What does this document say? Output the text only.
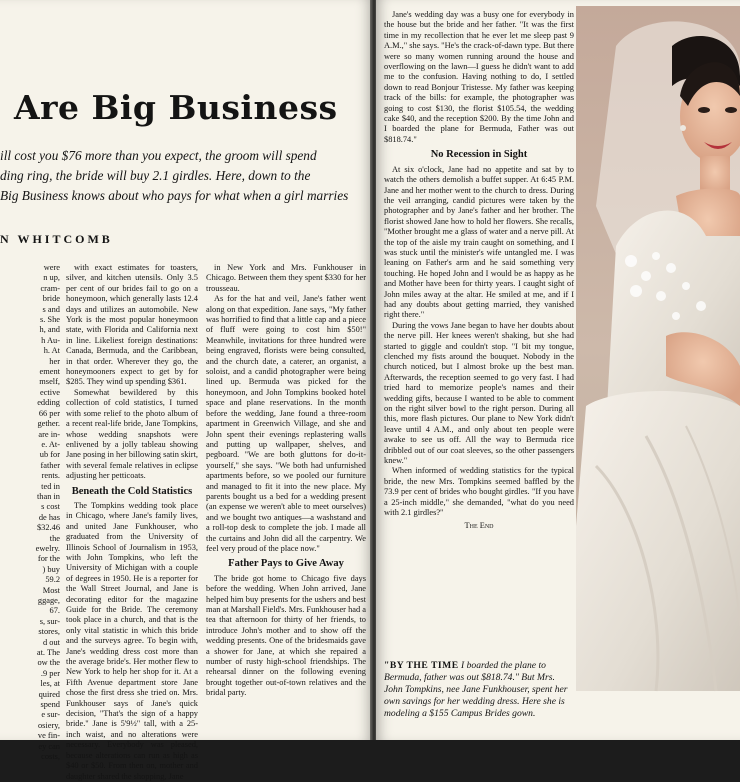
Are Big Business
ill cost you $76 more than you expect, the groom will spend
ding ring, the bride will buy 2.1 girdles. Here, down to the
Big Business knows about who pays for what when a girl marries
N WHITCOMB
were
n up,
cram-
bride
s and
s. She
h, and
h Au-
h. At
her
ement
mself,
ective
edding
66 per
gether.
are in-
e. At-
ub for
father
rents.
ted in
than in
s cost
de has
$32.46
the
ewelry.
for the
) buy
59.2
Most
ggage,
67.
s, sur-
stores,
d out
at. The
ow the
.9 per
les, at
quired
spend
e sur-
osiery,
ve fin-
ey can
costs,

with exact estimates for toasters, silver, and kitchen utensils. Only 3.5 per cent of our brides fail to go on a honeymoon, which generally lasts 12.4 days and utilizes an automobile. New York is the most popular honeymoon state, with Florida and California next in line. Likeliest foreign destinations: Canada, Bermuda, and the Caribbean, in that order. Wherever they go, the honeymooners expect to get by for $285. They wind up spending $361.

Somewhat bewildered by this collection of cold statistics, I turned with some relief to the photo album of a recent real-life bride, Jane Tompkins, whose wedding snapshots were enlivened by a jolly tableau showing Jane posing in her billowing satin skirt, with several female relatives in eclipse adjusting her petticoats.

Beneath the Cold Statistics

The Tompkins wedding took place in Chicago, where Jane's family lives, and united Jane Funkhouser, who graduated from the University of Illinois School of Journalism in 1953, with John Tompkins, who left the University of Michigan with a couple of degrees in 1950. He is a reporter for the Wall Street Journal, and Jane is decorating editor for the magazine Guide for the Bride. The ceremony took place in a church, and that is the only vital statistic in which this bride and the surveys agree. To begin with, Jane's wedding dress cost more than the average bride's. Her mother flew to New York to help her shop for it. At a Fifth Avenue department store Jane chose the first dress she tried on. Mrs. Funkhouser says of Jane's quick decision, "That's the sign of a happy bride." Jane is 5'9½" tall, with a 25-inch waist, and no alterations were necessary. Everybody was pleased, because alterations can run as high as $40 or $50. From then on, mother and daughter shared the shopping, Jane

in New York and Mrs. Funkhouser in Chicago. Between them they spent $330 for her trousseau.

As for the hat and veil, Jane's father went along on that expedition. Jane says, "My father was horrified to find that a little cap and a piece of fluff were going to cost him $50!" Meanwhile, invitations for three hundred were being engraved, florists were being consulted, and the church date, a caterer, an organist, a soloist, and a candid photographer were being lined up. Bermuda was picked for the honeymoon, and John Tompkins booked hotel space and plane reservations. In the month before the wedding, Jane found a three-room apartment in Greenwich Village, and she and John spent their evenings replastering walls and putting up wallpaper, shelves, and pegboard. "We are both gluttons for do-it-yourself," she says. "We both had unfurnished apartments before, so we pooled our furniture and managed to fit it into the new place. My parents bought us a bed for a wedding present (an expense we weren't able to meet ourselves) and we bought two antiques—a washstand and a roll-top desk to complete the job. I made all the curtains and John did all the carpentry. We feel very proud of the place now."

Father Pays to Give Away

The bride got home to Chicago five days before the wedding. When John arrived, Jane helped him buy presents for the ushers and best man at Marshall Field's. Mrs. Funkhouser had a tea that afternoon for thirty of her friends, to introduce John's mother and to show off the wedding presents. One of the bridesmaids gave a shower for Jane, at which she repaired a number of rusty high-school friendships. The rehearsal dinner on the following evening brought together out-of-town relatives and the bridal party.

Jane's wedding day was a busy one for everybody in the house but the bride and her father. "It was the first time in my recollection that he ever let me sleep past 9 A.M.," she says. "He's the crack-of-dawn type. But there were so many women running around the house and overflowing on the lawn—I guess he didn't want to add me to the confusion. Having nothing to do, I settled down to read Bonjour Tristesse. My father was keeping track of the bills: for example, the photographer was going to cost $130, the florist $105.54, the wedding cake $40, and the reception $200. By the time John and I boarded the plane for Bermuda, Father was out $818.74."

No Recession in Sight

At six o'clock, Jane had no appetite and sat by to watch the others demolish a buffet supper. At 6:45 P.M. Jane and her mother went to the church to dress. During the veil arranging, candid pictures were taken by the photographer and by Jane's father and her brother. The florist showed Jane how to hold her flowers. She recalls, "Mother brought me a glass of water and a nerve pill. At the top of the aisle my train caught on something, and I was stuck until the minister's wife untangled me. I was leaning on Father's arm and he said something very touching. He hoped John and I would be as happy as he and Mother have been for thirty years. I caught sight of John miles away at the altar. He smiled at me, and if I had any doubts about getting married, they vanished right there."

During the vows Jane began to have her doubts about the nerve pill. Her knees weren't shaking, but she had started to giggle and couldn't stop. "I bit my tongue, clenched my fists around the bouquet. Nobody in the church noticed, but I almost broke up the best man. Afterwards, the reception seemed to go very fast. I had tried hard to memorize people's names and their wedding gifts, because I wanted to be able to comment on the right silver bowl to the right person. During all this, more flash pictures. Our plane to New York didn't leave until 4 A.M., and only about ten people were awake to see us off. All the way to Bermuda rice dribbled out of our coat sleeves, so the other passengers knew."

When informed of wedding statistics for the typical bride, the new Mrs. Tompkins seemed baffled by the 73.9 per cent of brides who bought girdles. "If you have a 25-inch middle," she demanded, "what do you need with 2.1 girdles?"

The End
"BY THE TIME I boarded the plane to Bermuda, father was out $818.74." But Mrs. John Tompkins, nee Jane Funkhouser, spent her own savings for her wedding dress. Here she is modeling a $155 Campus Brides gown.
